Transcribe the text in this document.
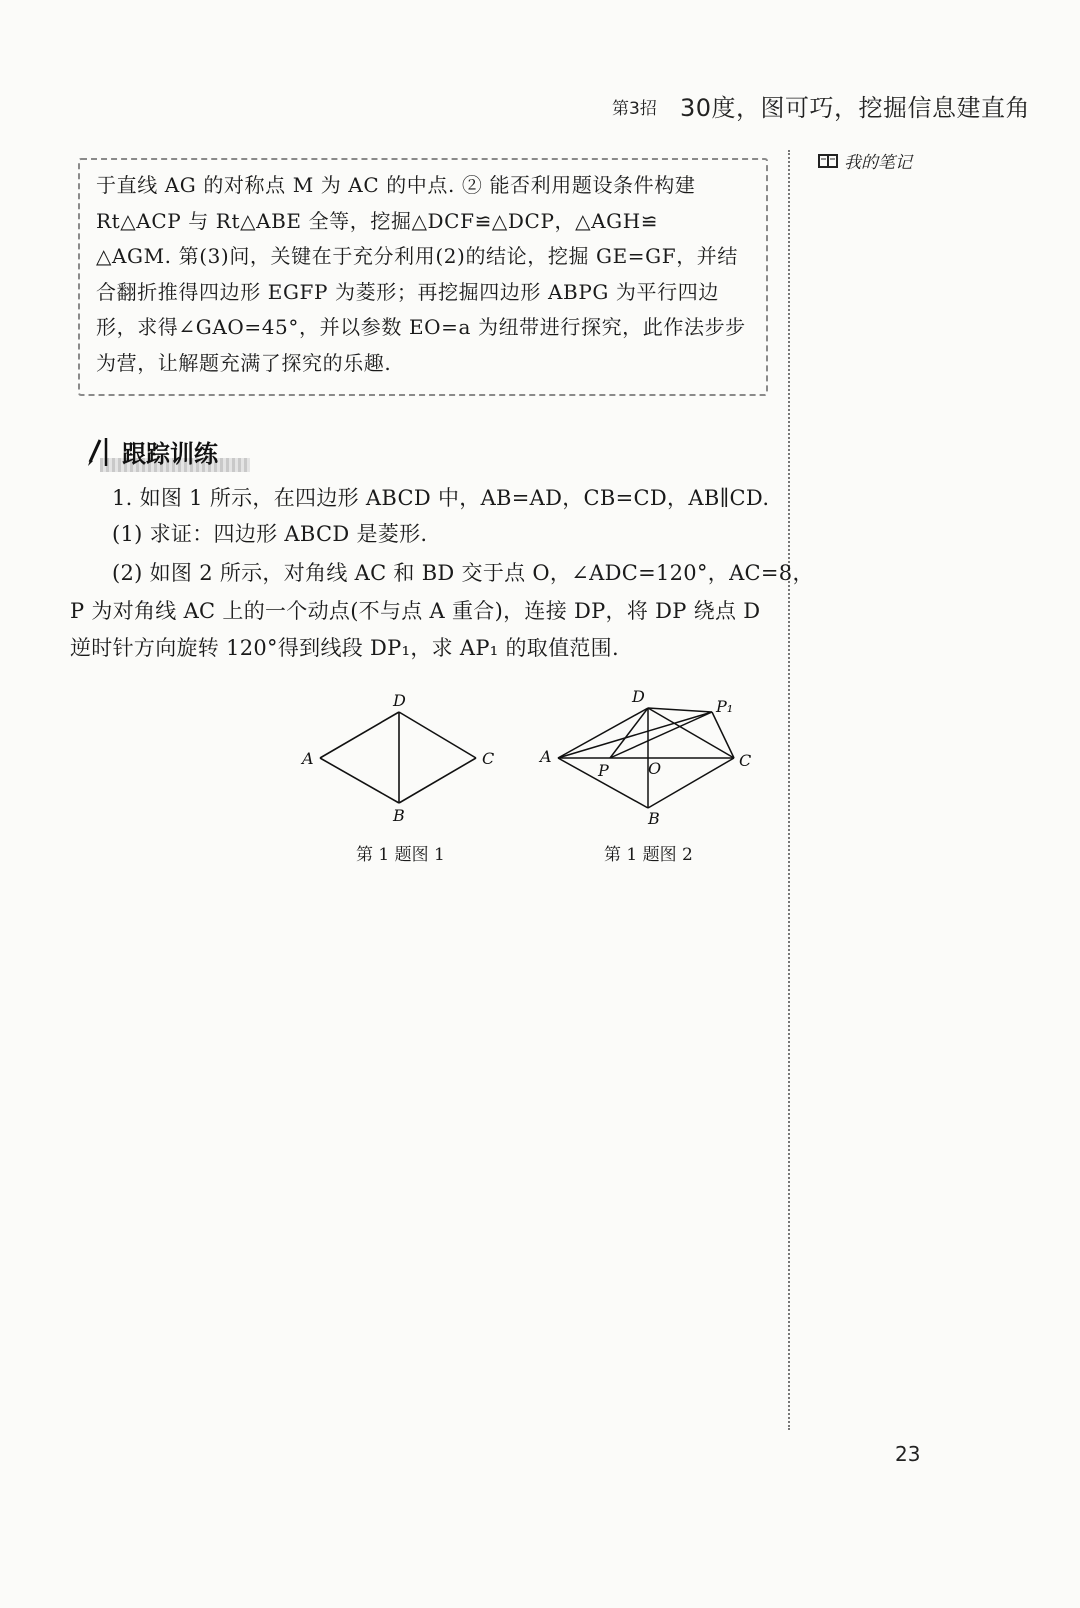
第3招 30度，图可巧，挖掘信息建直角
我的笔记
于直线 AG 的对称点 M 为 AC 的中点. ② 能否利用题设条件构建
Rt△ACP 与 Rt△ABE 全等，挖掘△DCF≌△DCP，△AGH≌
△AGM. 第(3)问，关键在于充分利用(2)的结论，挖掘 GE=GF，并结
合翻折推得四边形 EGFP 为菱形；再挖掘四边形 ABPG 为平行四边
形，求得∠GAO=45°，并以参数 EO=a 为纽带进行探究，此作法步步
为营，让解题充满了探究的乐趣.
跟踪训练
1. 如图 1 所示，在四边形 ABCD 中，AB=AD，CB=CD，AB∥CD.
(1) 求证：四边形 ABCD 是菱形.
(2) 如图 2 所示，对角线 AC 和 BD 交于点 O，∠ADC=120°，AC=8，
P 为对角线 AC 上的一个动点(不与点 A 重合)，连接 DP，将 DP 绕点 D
逆时针方向旋转 120°得到线段 DP₁，求 AP₁ 的取值范围.
A
D
C
B
第 1 题图 1
A
D
P₁
C
P O
B
第 1 题图 2
23
